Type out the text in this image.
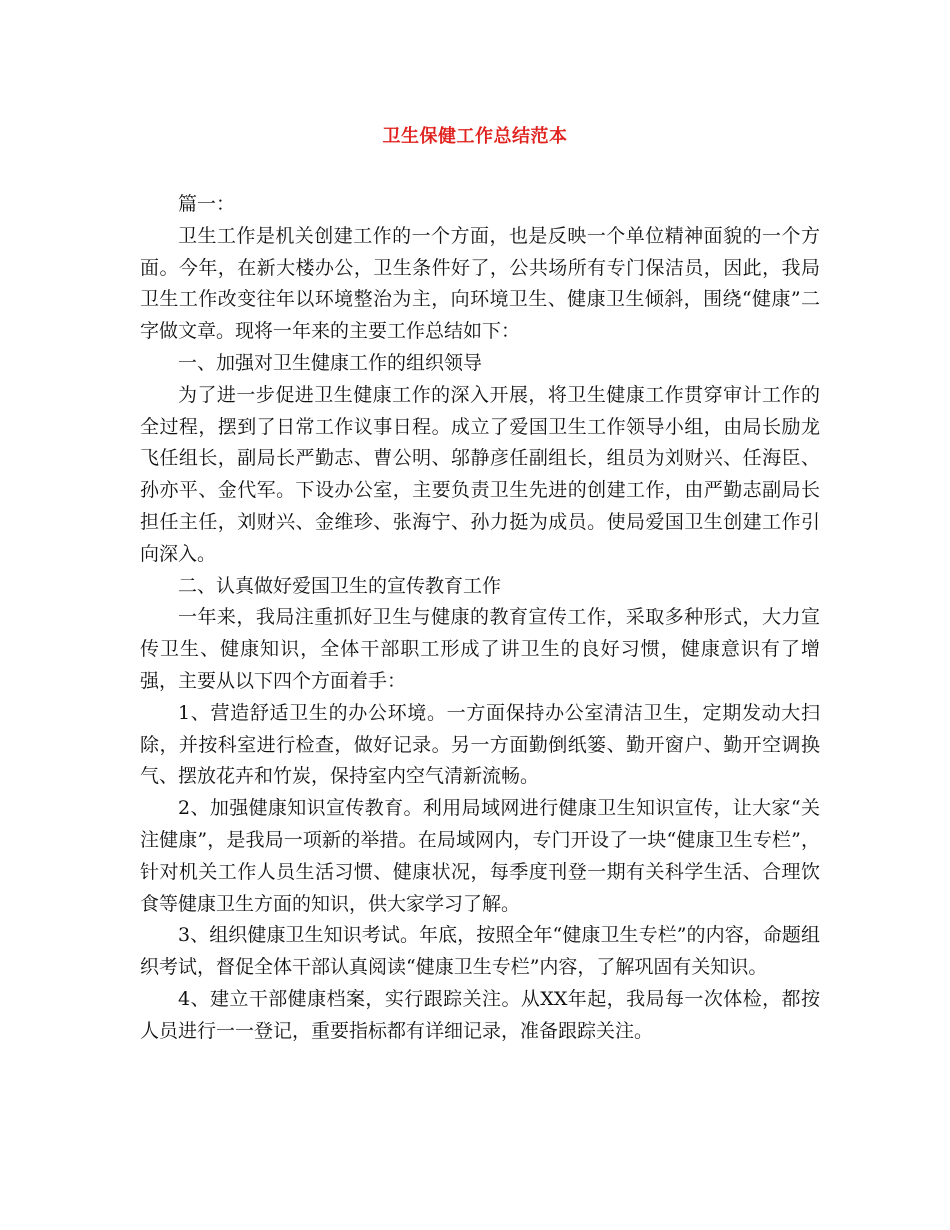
卫生保健工作总结范本

篇一：

卫生工作是机关创建工作的一个方面，也是反映一个单位精神面貌的一个方面。今年，在新大楼办公，卫生条件好了，公共场所有专门保洁员，因此，我局卫生工作改变往年以环境整治为主，向环境卫生、健康卫生倾斜，围绕“健康”二字做文章。现将一年来的主要工作总结如下：

一、加强对卫生健康工作的组织领导

为了进一步促进卫生健康工作的深入开展，将卫生健康工作贯穿审计工作的全过程，摆到了日常工作议事日程。成立了爱国卫生工作领导小组，由局长励龙飞任组长，副局长严勤志、曹公明、邬静彦任副组长，组员为刘财兴、任海臣、孙亦平、金代军。下设办公室，主要负责卫生先进的创建工作，由严勤志副局长担任主任，刘财兴、金维珍、张海宁、孙力挺为成员。使局爱国卫生创建工作引向深入。

二、认真做好爱国卫生的宣传教育工作

一年来，我局注重抓好卫生与健康的教育宣传工作，采取多种形式，大力宣传卫生、健康知识，全体干部职工形成了讲卫生的良好习惯，健康意识有了增强，主要从以下四个方面着手：

1、营造舒适卫生的办公环境。一方面保持办公室清洁卫生，定期发动大扫除，并按科室进行检查，做好记录。另一方面勤倒纸篓、勤开窗户、勤开空调换气、摆放花卉和竹炭，保持室内空气清新流畅。

2、加强健康知识宣传教育。利用局域网进行健康卫生知识宣传，让大家“关注健康”，是我局一项新的举措。在局域网内，专门开设了一块“健康卫生专栏”，针对机关工作人员生活习惯、健康状况，每季度刊登一期有关科学生活、合理饮食等健康卫生方面的知识，供大家学习了解。

3、组织健康卫生知识考试。年底，按照全年“健康卫生专栏”的内容，命题组织考试，督促全体干部认真阅读“健康卫生专栏”内容，了解巩固有关知识。

4、建立干部健康档案，实行跟踪关注。从XX年起，我局每一次体检，都按人员进行一一登记，重要指标都有详细记录，准备跟踪关注。
